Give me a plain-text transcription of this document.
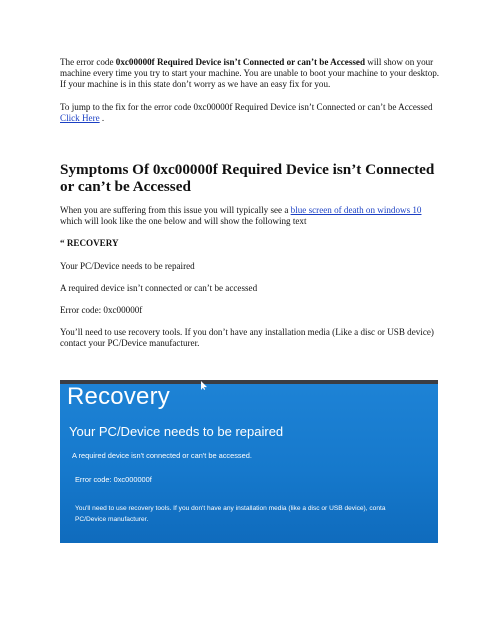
The error code 0xc00000f Required Device isn’t Connected or can’t be Accessed will show on your machine every time you try to start your machine. You are unable to boot your machine to your desktop. If your machine is in this state don’t worry as we have an easy fix for you.

To jump to the fix for the error code 0xc00000f Required Device isn’t Connected or can’t be Accessed Click Here .

Symptoms Of 0xc00000f Required Device isn’t Connected or can’t be Accessed

When you are suffering from this issue you will typically see a blue screen of death on windows 10 which will look like the one below and will show the following text

“ RECOVERY

Your PC/Device needs to be repaired

A required device isn’t connected or can’t be accessed

Error code: 0xc00000f

You’ll need to use recovery tools. If you don’t have any installation media (Like a disc or USB device) contact your PC/Device manufacturer.

Recovery
Your PC/Device needs to be repaired
A required device isn't connected or can't be accessed.
Error code: 0xc000000f
You'll need to use recovery tools. If you don't have any installation media (like a disc or USB device), conta
PC/Device manufacturer.
